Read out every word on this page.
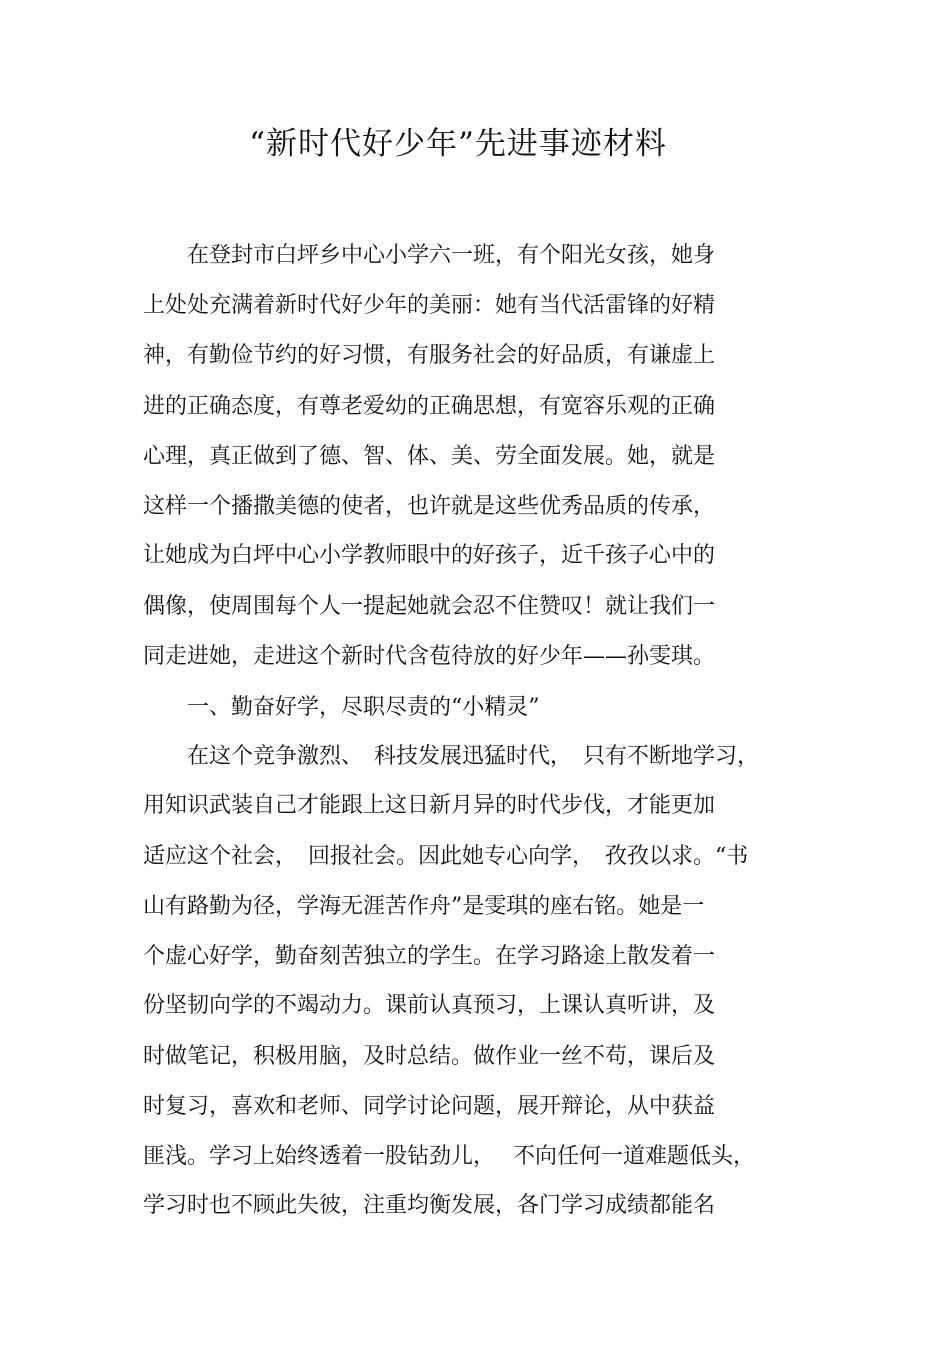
“新时代好少年”先进事迹材料

　　在登封市白坪乡中心小学六一班，有个阳光女孩，她身

上处处充满着新时代好少年的美丽：她有当代活雷锋的好精

神，有勤俭节约的好习惯，有服务社会的好品质，有谦虚上

进的正确态度，有尊老爱幼的正确思想，有宽容乐观的正确

心理，真正做到了德、智、体、美、劳全面发展。她，就是

这样一个播撒美德的使者，也许就是这些优秀品质的传承，

让她成为白坪中心小学教师眼中的好孩子，近千孩子心中的

偶像，使周围每个人一提起她就会忍不住赞叹！就让我们一

同走进她，走进这个新时代含苞待放的好少年——孙雯琪。

　　一、勤奋好学，尽职尽责的“小精灵”

　　在这个竞争激烈、　科技发展迅猛时代，　只有不断地学习，

用知识武装自己才能跟上这日新月异的时代步伐，才能更加

适应这个社会，　回报社会。因此她专心向学，　孜孜以求。“书

山有路勤为径，学海无涯苦作舟”是雯琪的座右铭。她是一

个虚心好学，勤奋刻苦独立的学生。在学习路途上散发着一

份坚韧向学的不竭动力。课前认真预习，上课认真听讲，及

时做笔记，积极用脑，及时总结。做作业一丝不苟，课后及

时复习，喜欢和老师、同学讨论问题，展开辩论，从中获益

匪浅。学习上始终透着一股钻劲儿，　 不向任何一道难题低头，

学习时也不顾此失彼，注重均衡发展，各门学习成绩都能名
